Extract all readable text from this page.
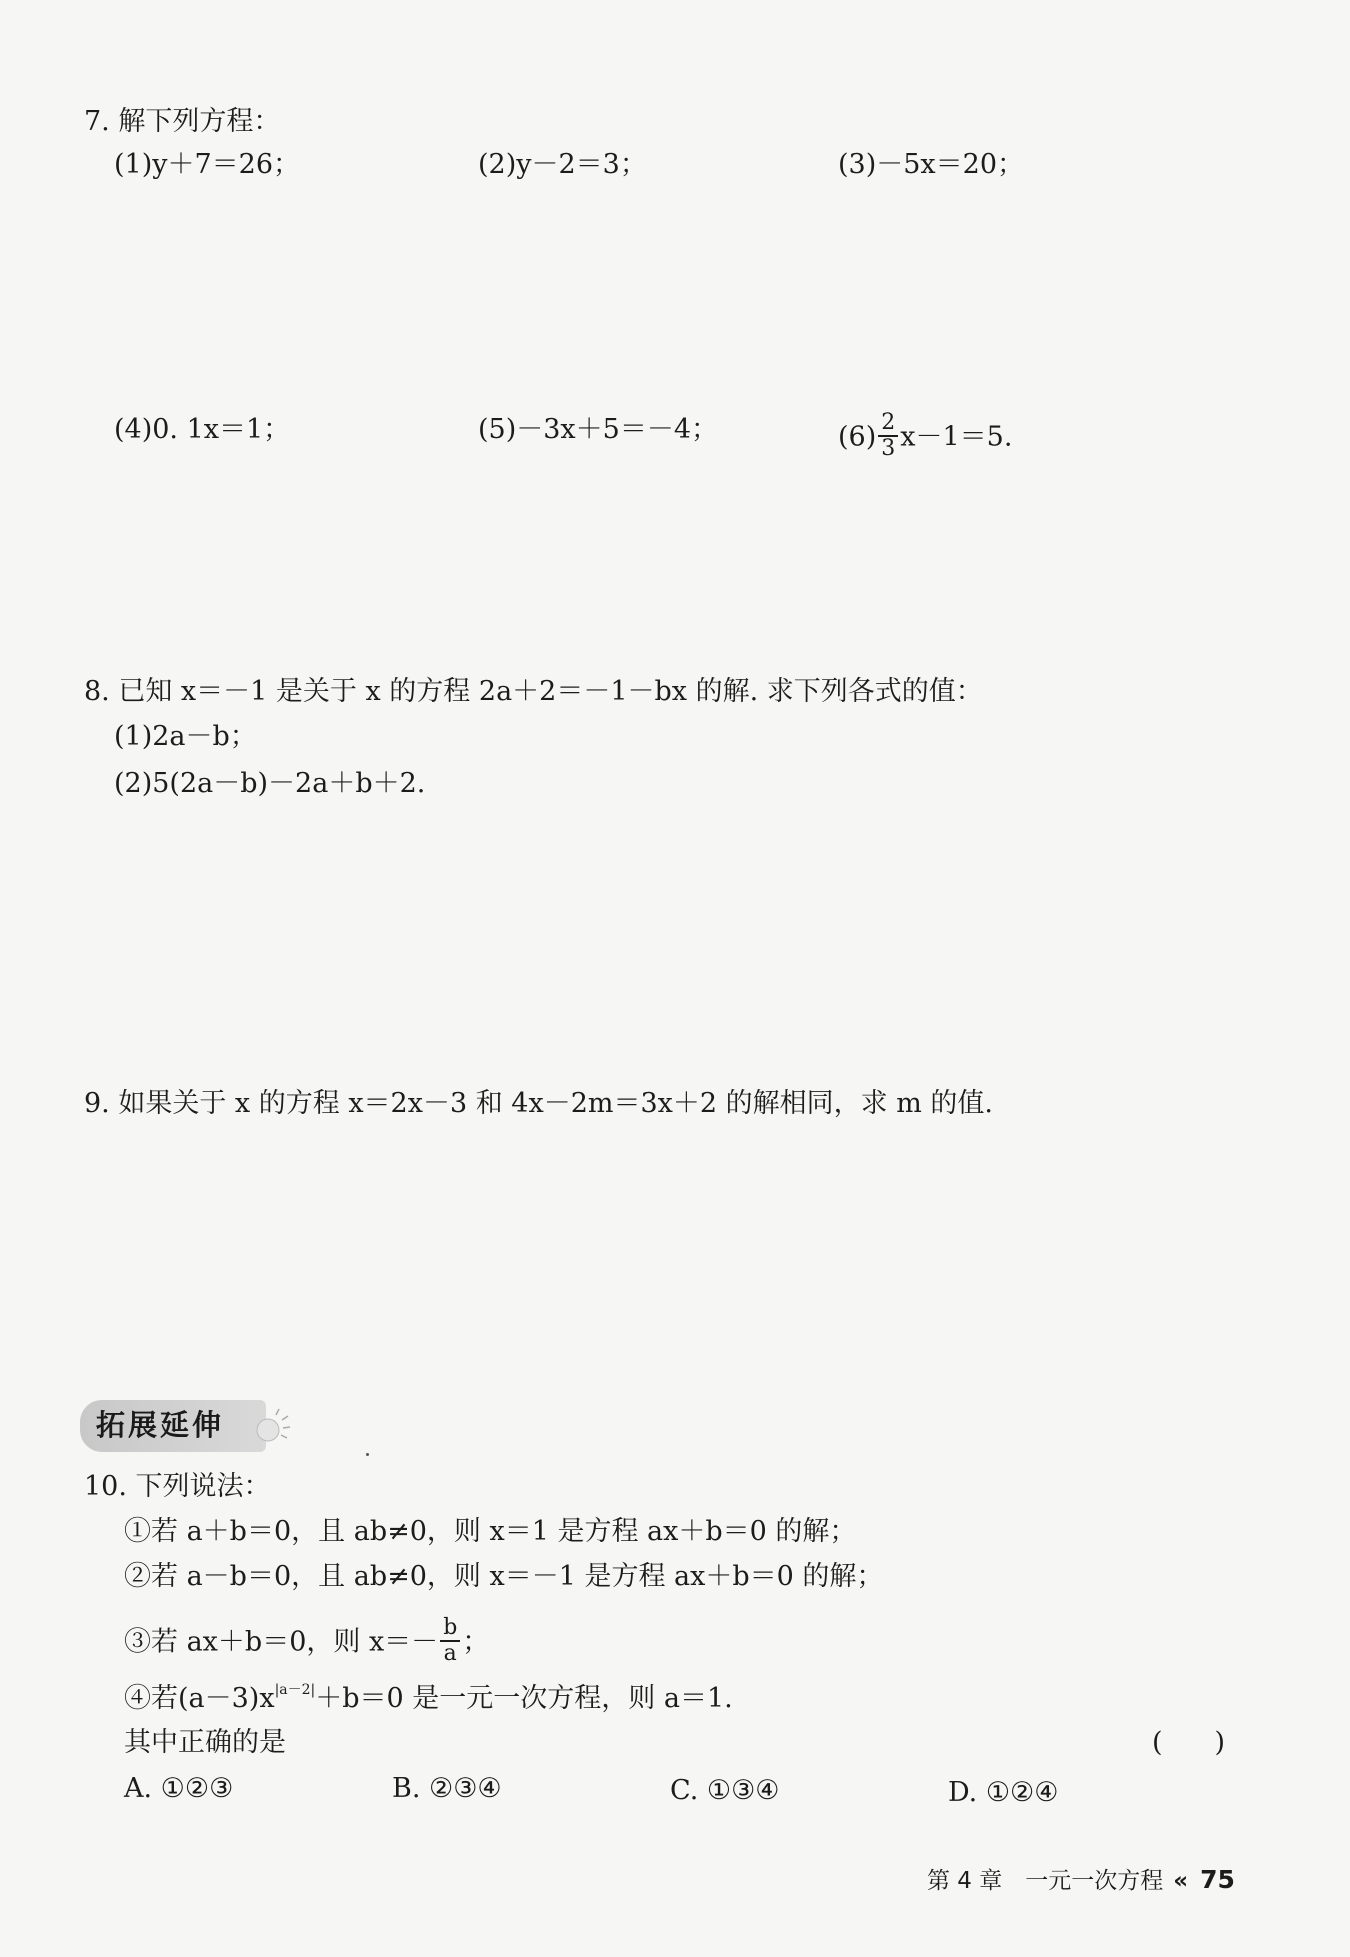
7. 解下列方程：
(1)y＋7＝26；	(2)y－2＝3；	(3)－5x＝20；
(4)0. 1x＝1；	(5)－3x＋5＝－4；	$(6) \frac{2}{3} x-1=5$.
8. 已知 x＝－1 是关于 x 的方程 2a＋2＝－1－bx 的解. 求下列各式的值：
(1)2a－b；
(2)5(2a－b)－2a＋b＋2.
9. 如果关于 x 的方程 x＝2x－3 和 4x－2m＝3x＋2 的解相同，求 m 的值.
拓展延伸
10. 下列说法：
①若 a＋b＝0，且 ab≠0，则 x＝1 是方程 ax＋b＝0 的解；
②若 a－b＝0，且 ab≠0，则 x＝－1 是方程 ax＋b＝0 的解；
③若 ax＋b＝0，则 $x=- \frac{b}{a}$ ；
④若$(a-3)x^{|a-2|}+b=0$ 是一元一次方程，则 a＝1.
其中正确的是	()
A. ①②③	B. ②③④	C. ①③④	D. ①②④
第 4 章　一元一次方程 « 75
